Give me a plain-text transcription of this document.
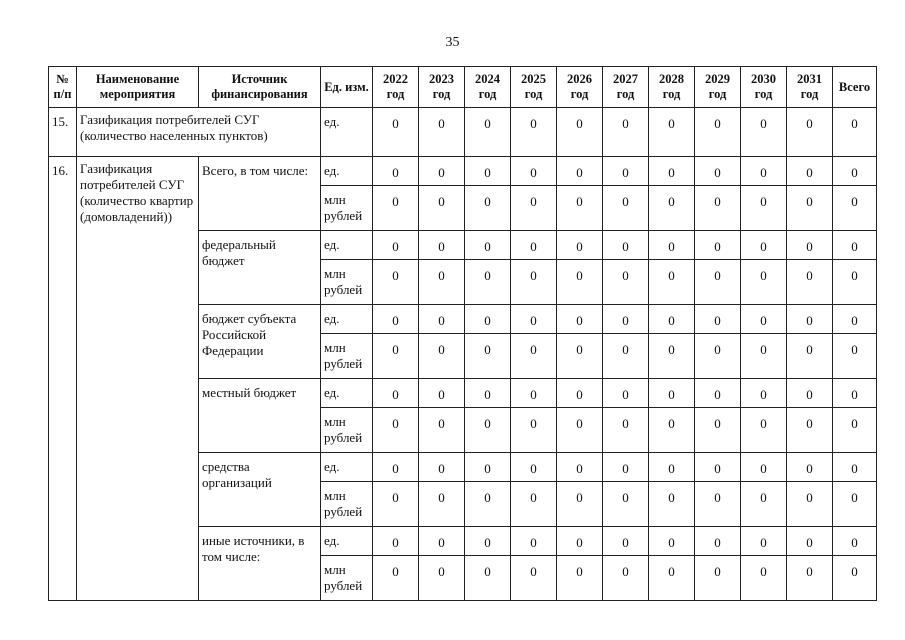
35
№ п/п	Наименование мероприятия	Источник финансирования	Ед. изм.	2022 год	2023 год	2024 год	2025 год	2026 год	2027 год	2028 год	2029 год	2030 год	2031 год	Всего
15.	Газификация потребителей СУГ (количество населенных пунктов)		ед.	0	0	0	0	0	0	0	0	0	0	0
16.	Газификация потребителей СУГ (количество квартир (домовладений))	Всего, в том числе:	ед.	0	0	0	0	0	0	0	0	0	0	0
			млн рублей	0	0	0	0	0	0	0	0	0	0	0
		федеральный бюджет	ед.	0	0	0	0	0	0	0	0	0	0	0
			млн рублей	0	0	0	0	0	0	0	0	0	0	0
		бюджет субъекта Российской Федерации	ед.	0	0	0	0	0	0	0	0	0	0	0
			млн рублей	0	0	0	0	0	0	0	0	0	0	0
		местный бюджет	ед.	0	0	0	0	0	0	0	0	0	0	0
			млн рублей	0	0	0	0	0	0	0	0	0	0	0
		средства организаций	ед.	0	0	0	0	0	0	0	0	0	0	0
			млн рублей	0	0	0	0	0	0	0	0	0	0	0
		иные источники, в том числе:	ед.	0	0	0	0	0	0	0	0	0	0	0
			млн рублей	0	0	0	0	0	0	0	0	0	0	0
